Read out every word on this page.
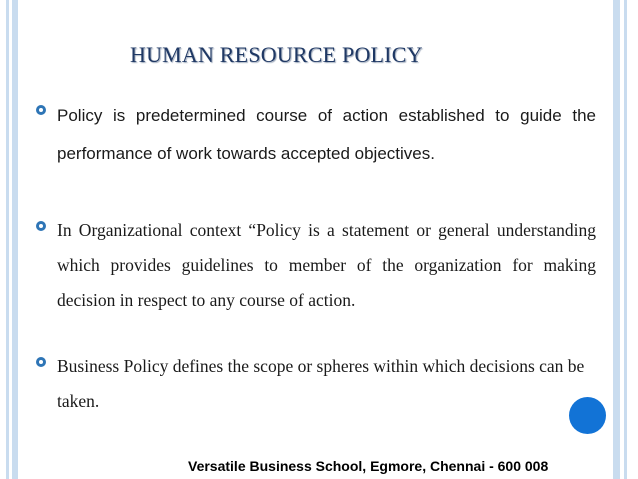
HUMAN RESOURCE POLICY
Policy is predetermined course of action established to guide the performance of work towards accepted objectives.
In Organizational context “Policy is a statement or general understanding which provides guidelines to member of the organization for making decision in respect to any course of action.
Business Policy defines the scope or spheres within which decisions can be taken.
Versatile Business School, Egmore, Chennai - 600 008
